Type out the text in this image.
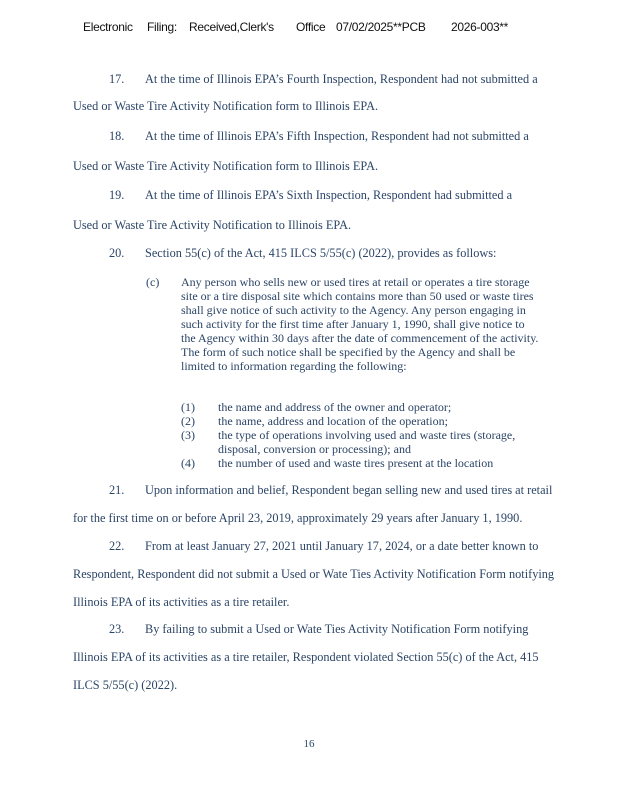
Electronic Filing: Received,Clerk's Office 07/02/2025**PCB 2026-003**
17. At the time of Illinois EPA’s Fourth Inspection, Respondent had not submitted a
Used or Waste Tire Activity Notification form to Illinois EPA.
18. At the time of Illinois EPA’s Fifth Inspection, Respondent had not submitted a
Used or Waste Tire Activity Notification form to Illinois EPA.
19. At the time of Illinois EPA’s Sixth Inspection, Respondent had submitted a
Used or Waste Tire Activity Notification to Illinois EPA.
20. Section 55(c) of the Act, 415 ILCS 5/55(c) (2022), provides as follows:
(c) Any person who sells new or used tires at retail or operates a tire storage site or a tire disposal site which contains more than 50 used or waste tires shall give notice of such activity to the Agency. Any person engaging in such activity for the first time after January 1, 1990, shall give notice to the Agency within 30 days after the date of commencement of the activity. The form of such notice shall be specified by the Agency and shall be limited to information regarding the following:
(1) the name and address of the owner and operator;
(2) the name, address and location of the operation;
(3) the type of operations involving used and waste tires (storage, disposal, conversion or processing); and
(4) the number of used and waste tires present at the location
21. Upon information and belief, Respondent began selling new and used tires at retail
for the first time on or before April 23, 2019, approximately 29 years after January 1, 1990.
22. From at least January 27, 2021 until January 17, 2024, or a date better known to
Respondent, Respondent did not submit a Used or Wate Ties Activity Notification Form notifying
Illinois EPA of its activities as a tire retailer.
23. By failing to submit a Used or Wate Ties Activity Notification Form notifying
Illinois EPA of its activities as a tire retailer, Respondent violated Section 55(c) of the Act, 415
ILCS 5/55(c) (2022).
16
